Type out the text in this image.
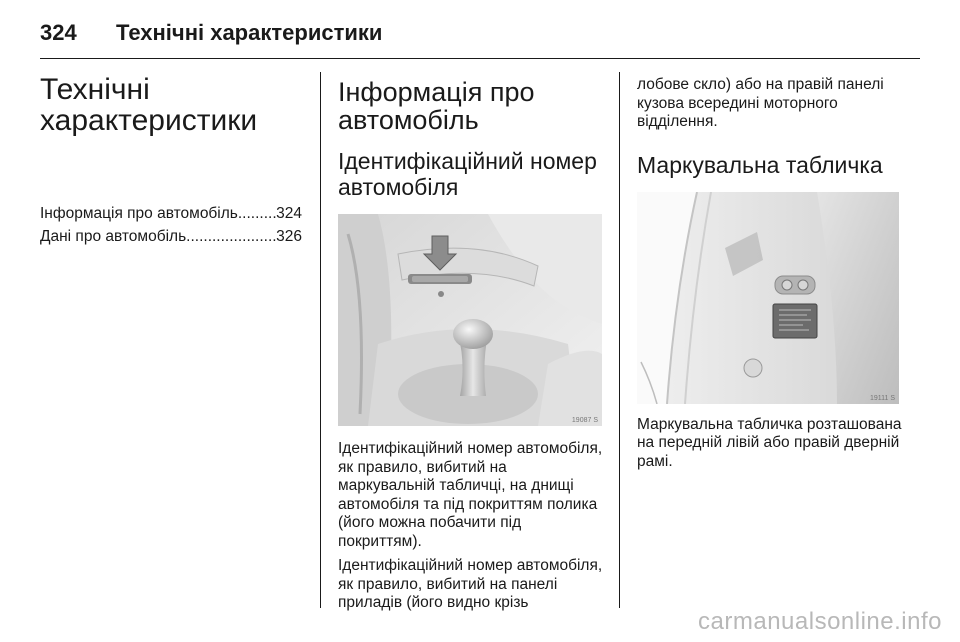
324 Технічні характеристики
Технічні
характеристики
Інформація про автомобіль ..... 324
Дані про автомобіль .....	326
Інформація про
автомобіль
Ідентифікаційний номер
автомобіля
19087 S
Ідентифікаційний номер автомобіля, як правило, вибитий на маркувальній табличці, на днищі автомобіля та під покриттям полика (його можна побачити під покриттям).
Ідентифікаційний номер автомобіля, як правило, вибитий на панелі приладів (його видно крізь
лобове скло) або на правій панелі кузова всередині моторного відділення.
Маркувальна табличка
19111 S
Маркувальна табличка розташована на передній лівій або правій дверній рамі.
carmanualsonline.info
